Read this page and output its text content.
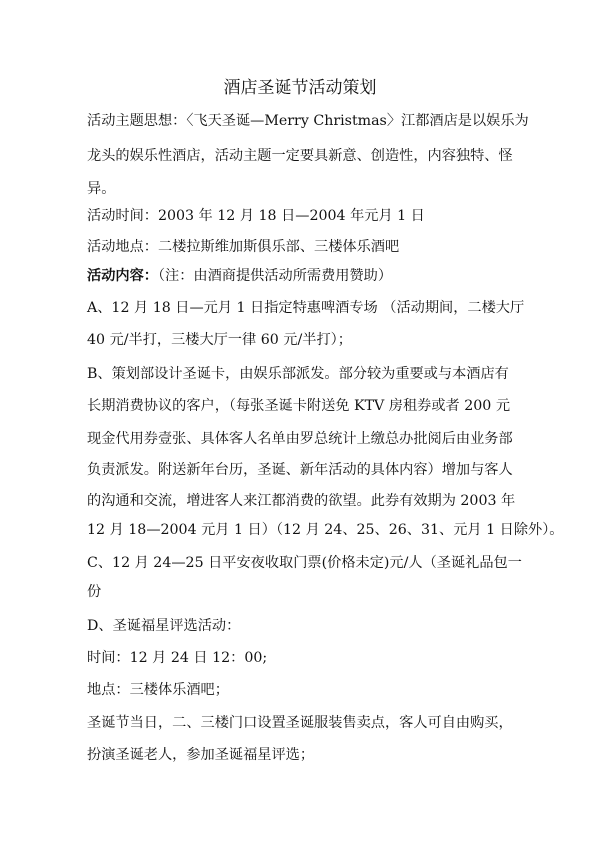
酒店圣诞节活动策划
活动主题思想：〈飞天圣诞—Merry Christmas〉江都酒店是以娱乐为
龙头的娱乐性酒店，活动主题一定要具新意、创造性，内容独特、怪
异。
活动时间：2003 年 12 月 18 日—2004 年元月 1 日
活动地点：二楼拉斯维加斯俱乐部、三楼体乐酒吧
活动内容：（注：由酒商提供活动所需费用赞助）
A、12 月 18 日—元月 1 日指定特惠啤酒专场 （活动期间，二楼大厅
40 元/半打，三楼大厅一律 60 元/半打）；
B、策划部设计圣诞卡，由娱乐部派发。部分较为重要或与本酒店有
长期消费协议的客户，（每张圣诞卡附送免 KTV 房租券或者 200 元
现金代用券壹张、具体客人名单由罗总统计上缴总办批阅后由业务部
负责派发。附送新年台历，圣诞、新年活动的具体内容）增加与客人
的沟通和交流，增进客人来江都消费的欲望。此券有效期为 2003 年
12 月 18—2004 元月 1 日）（12 月 24、25、26、31、元月 1 日除外）。
C、12 月 24—25 日平安夜收取门票(价格未定)元/人（圣诞礼品包一
份
D、圣诞福星评选活动：
时间：12 月 24 日 12：00;
地点：三楼体乐酒吧；
圣诞节当日，二、三楼门口设置圣诞服装售卖点，客人可自由购买，
扮演圣诞老人，参加圣诞福星评选；
